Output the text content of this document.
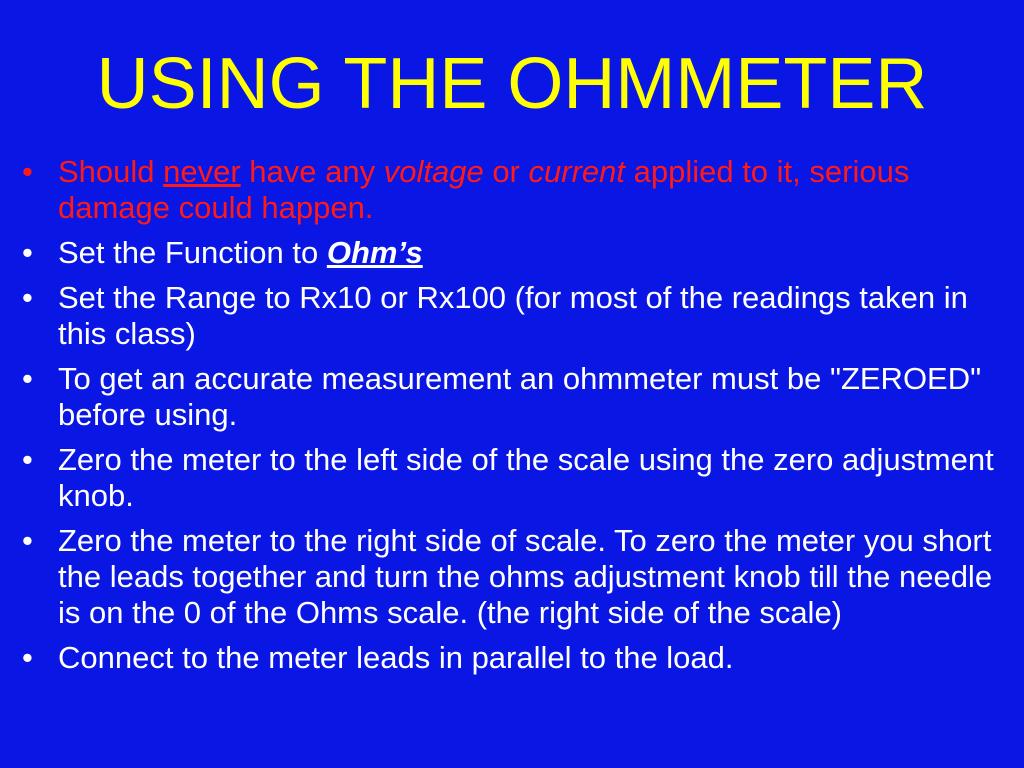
USING THE OHMMETER
• Should never have any voltage or current applied to it, serious damage could happen.
• Set the Function to Ohm’s
• Set the Range to Rx10 or Rx100 (for most of the readings taken in this class)
• To get an accurate measurement an ohmmeter must be "ZEROED" before using.
• Zero the meter to the left side of the scale using the zero adjustment knob.
• Zero the meter to the right side of scale. To zero the meter you short the leads together and turn the ohms adjustment knob till the needle is on the 0 of the Ohms scale. (the right side of the scale)
• Connect to the meter leads in parallel to the load.
